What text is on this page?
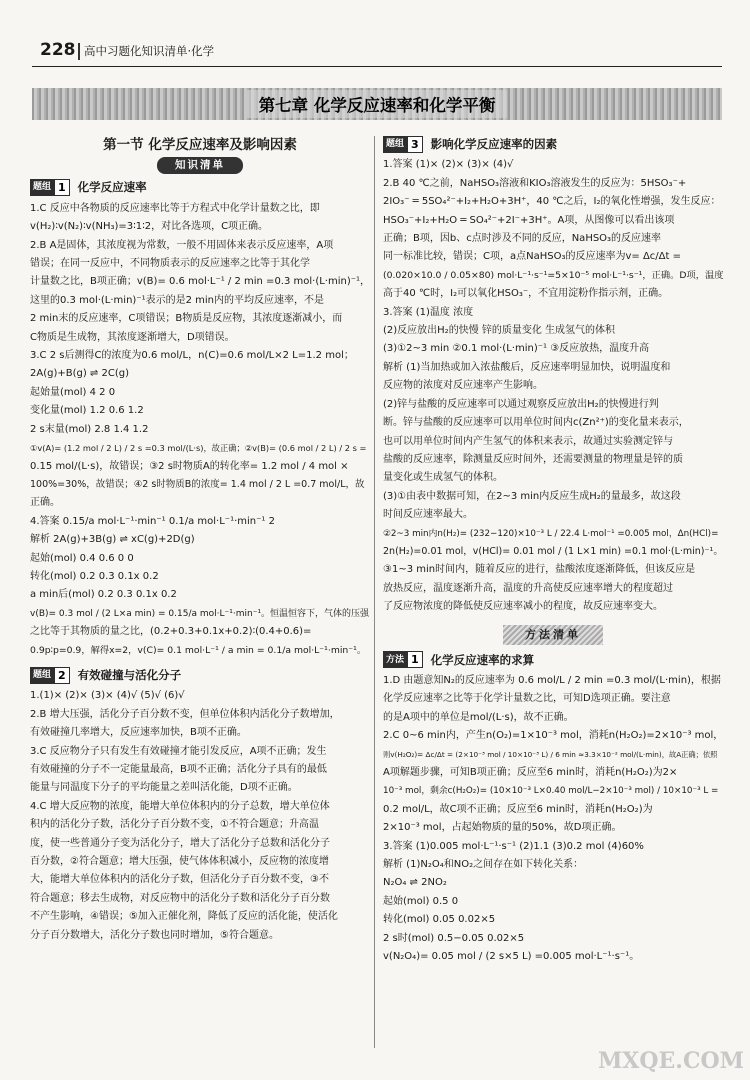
228 高中习题化知识清单·化学
第七章 化学反应速率和化学平衡
第一节 化学反应速率及影响因素
知识清单
题组 1	化学反应速率

1.C 反应中各物质的反应速率比等于方程式中化学计量数之比，即

v(H₂)∶v(N₂)∶v(NH₃)=3∶1∶2，对比各选项，C项正确。

2.B A是固体，其浓度视为常数，一般不用固体来表示反应速率，A项

错误；在同一反应中，不同物质表示的反应速率之比等于其化学

计量数之比，B项正确；v(B)= 0.6 mol·L⁻¹ / 2 min =0.3 mol·(L·min)⁻¹，

这里的0.3 mol·(L·min)⁻¹表示的是2 min内的平均反应速率，不是

2 min末的反应速率，C项错误；B物质是反应物，其浓度逐渐减小，而

C物质是生成物，其浓度逐渐增大，D项错误。

3.C 2 s后测得C的浓度为0.6 mol/L，n(C)=0.6 mol/L×2 L=1.2 mol；

2A(g)+B(g) ⇌ 2C(g)

起始量(mol) 4 2 0

变化量(mol) 1.2 0.6 1.2

2 s末量(mol) 2.8 1.4 1.2

①v(A)= (1.2 mol / 2 L) / 2 s =0.3 mol/(L·s)，故正确；②v(B)= (0.6 mol / 2 L) / 2 s =

0.15 mol/(L·s)，故错误；③2 s时物质A的转化率= 1.2 mol / 4 mol ×

100%=30%，故错误；④2 s时物质B的浓度= 1.4 mol / 2 L =0.7 mol/L，故

正确。

4.答案 0.15/a mol·L⁻¹·min⁻¹ 0.1/a mol·L⁻¹·min⁻¹ 2

解析 2A(g)+3B(g) ⇌ xC(g)+2D(g)

起始(mol) 0.4 0.6 0 0

转化(mol) 0.2 0.3 0.1x 0.2

a min后(mol) 0.2 0.3 0.1x 0.2

v(B)= 0.3 mol / (2 L×a min) = 0.15/a mol·L⁻¹·min⁻¹。恒温恒容下，气体的压强

之比等于其物质的量之比，(0.2+0.3+0.1x+0.2)∶(0.4+0.6)=

0.9p∶p=0.9，解得x=2，v(C)= 0.1 mol·L⁻¹ / a min = 0.1/a mol·L⁻¹·min⁻¹。

题组 2	有效碰撞与活化分子

1.(1)× (2)× (3)× (4)√ (5)√ (6)√

2.B 增大压强，活化分子百分数不变，但单位体积内活化分子数增加，

有效碰撞几率增大，反应速率加快，B项不正确。

3.C 反应物分子只有发生有效碰撞才能引发反应，A项不正确；发生

有效碰撞的分子不一定能量最高，B项不正确；活化分子具有的最低

能量与同温度下分子的平均能量之差叫活化能，D项不正确。

4.C 增大反应物的浓度，能增大单位体积内的分子总数，增大单位体

积内的活化分子数，活化分子百分数不变，①不符合题意；升高温

度，使一些普通分子变为活化分子，增大了活化分子总数和活化分子

百分数，②符合题意；增大压强，使气体体积减小，反应物的浓度增

大，能增大单位体积内的活化分子数，但活化分子百分数不变，③不

符合题意；移去生成物，对反应物中的活化分子数和活化分子百分数

不产生影响，④错误；⑤加入正催化剂，降低了反应的活化能，使活化

分子百分数增大，活化分子数也同时增加，⑤符合题意。

题组 3	影响化学反应速率的因素

1.答案 (1)× (2)× (3)× (4)√

2.B 40 ℃之前，NaHSO₃溶液和KIO₃溶液发生的反应为：5HSO₃⁻+

2IO₃⁻ ═ 5SO₄²⁻+I₂+H₂O+3H⁺，40 ℃之后，I₂的氧化性增强，发生反应：

HSO₃⁻+I₂+H₂O ═ SO₄²⁻+2I⁻+3H⁺。A项，从图像可以看出该项

正确；B项，因b、c点时涉及不同的反应，NaHSO₃的反应速率

同一标准比较，错误；C项，a点NaHSO₃的反应速率为v= Δc/Δt =

(0.020×10.0 / 0.05×80) mol·L⁻¹·s⁻¹=5×10⁻⁵ mol·L⁻¹·s⁻¹，正确。D项，温度

高于40 ℃时，I₂可以氧化HSO₃⁻，不宜用淀粉作指示剂，正确。

3.答案 (1)温度 浓度

(2)反应放出H₂的快慢 锌的质量变化 生成氢气的体积

(3)①2~3 min ②0.1 mol·(L·min)⁻¹ ③反应放热，温度升高

解析 (1)当加热或加入浓盐酸后，反应速率明显加快，说明温度和

反应物的浓度对反应速率产生影响。

(2)锌与盐酸的反应速率可以通过观察反应放出H₂的快慢进行判

断。锌与盐酸的反应速率可以用单位时间内c(Zn²⁺)的变化量来表示，

也可以用单位时间内产生氢气的体积来表示，故通过实验测定锌与

盐酸的反应速率，除测量反应时间外，还需要测量的物理量是锌的质

量变化或生成氢气的体积。

(3)①由表中数据可知，在2~3 min内反应生成H₂的量最多，故这段

时间反应速率最大。

②2~3 min内n(H₂)= (232−120)×10⁻³ L / 22.4 L·mol⁻¹ =0.005 mol，Δn(HCl)=

2n(H₂)=0.01 mol，v(HCl)= 0.01 mol / (1 L×1 min) =0.1 mol·(L·min)⁻¹。

③1~3 min时间内，随着反应的进行，盐酸浓度逐渐降低，但该反应是

放热反应，温度逐渐升高，温度的升高使反应速率增大的程度超过

了反应物浓度的降低使反应速率减小的程度，故反应速率变大。

方法清单
方法 1	化学反应速率的求算

1.D 由题意知N₂的反应速率为 0.6 mol/L / 2 min =0.3 mol/(L·min)，根据

化学反应速率之比等于化学计量数之比，可知D选项正确。要注意

的是A项中的单位是mol/(L·s)，故不正确。

2.C 0~6 min内，产生n(O₂)=1×10⁻³ mol，消耗n(H₂O₂)=2×10⁻³ mol，

则v(H₂O₂)= Δc/Δt = (2×10⁻³ mol / 10×10⁻³ L) / 6 min ≈3.3×10⁻² mol/(L·min)，故A正确；依照

A项解题步骤，可知B项正确；反应至6 min时，消耗n(H₂O₂)为2×

10⁻³ mol，剩余c(H₂O₂)= (10×10⁻³ L×0.40 mol/L−2×10⁻³ mol) / 10×10⁻³ L =

0.2 mol/L，故C项不正确；反应至6 min时，消耗n(H₂O₂)为

2×10⁻³ mol，占起始物质的量的50%，故D项正确。

3.答案 (1)0.005 mol·L⁻¹·s⁻¹ (2)1.1 (3)0.2 mol (4)60%

解析 (1)N₂O₄和NO₂之间存在如下转化关系：

N₂O₄ ⇌ 2NO₂

起始(mol) 0.5 0

转化(mol) 0.05 0.02×5

2 s时(mol) 0.5−0.05 0.02×5

v(N₂O₄)= 0.05 mol / (2 s×5 L) =0.005 mol·L⁻¹·s⁻¹。

MXQE.COM
